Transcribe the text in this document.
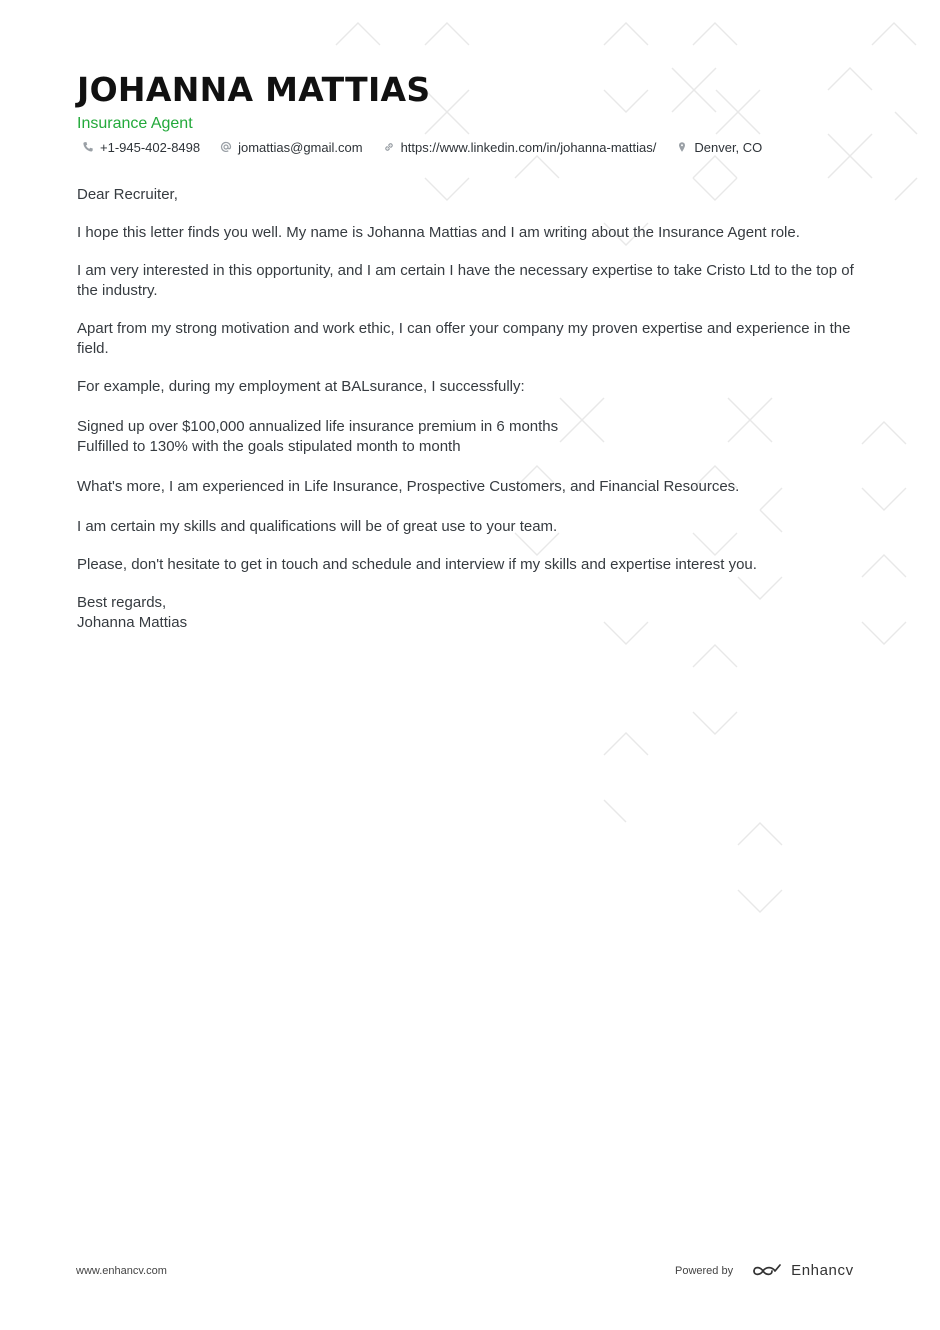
JOHANNA MATTIAS
Insurance Agent
+1-945-402-8498	jomattias@gmail.com	https://www.linkedin.com/in/johanna-mattias/	Denver, CO

Dear Recruiter,

I hope this letter finds you well. My name is Johanna Mattias and I am writing about the Insurance Agent role.

I am very interested in this opportunity, and I am certain I have the necessary expertise to take Cristo Ltd to the top of the industry.

Apart from my strong motivation and work ethic, I can offer your company my proven expertise and experience in the field.

For example, during my employment at BALsurance, I successfully:

Signed up over $100,000 annualized life insurance premium in 6 months
Fulfilled to 130% with the goals stipulated month to month

What's more, I am experienced in Life Insurance, Prospective Customers, and Financial Resources.

I am certain my skills and qualifications will be of great use to your team.

Please, don't hesitate to get in touch and schedule and interview if my skills and expertise interest you.

Best regards,

Johanna Mattias

www.enhancv.com	Powered by	Enhancv
